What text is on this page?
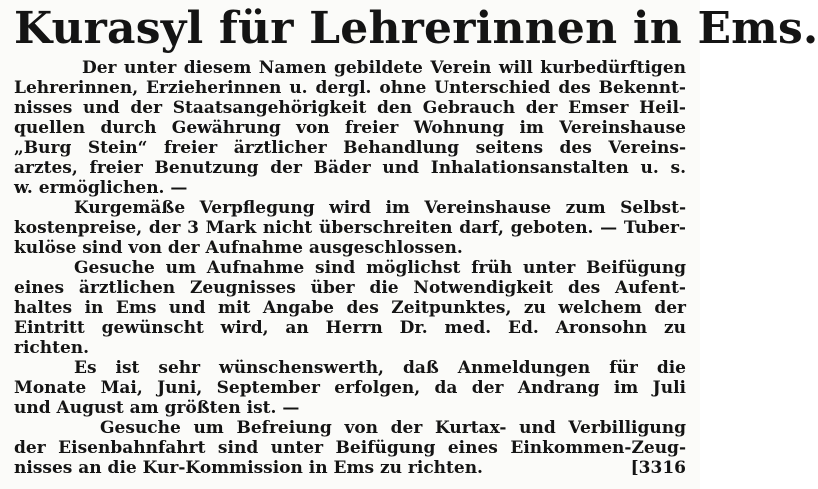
Kurasyl für Lehrerinnen in Ems.
Der unter diesem Namen gebildete Verein will kurbedürftigen
Lehrerinnen, Erzieherinnen u. dergl. ohne Unterschied des Bekennt-
nisses und der Staatsangehörigkeit den Gebrauch der Emser Heil-
quellen durch Gewährung von freier Wohnung im Vereinshause
„Burg Stein“ freier ärztlicher Behandlung seitens des Vereins-
arztes, freier Benutzung der Bäder und Inhalationsanstalten u. s.
w. ermöglichen. —
Kurgemäße Verpflegung wird im Vereinshause zum Selbst-
kostenpreise, der 3 Mark nicht überschreiten darf, geboten. — Tuber-
kulöse sind von der Aufnahme ausgeschlossen.
Gesuche um Aufnahme sind möglichst früh unter Beifügung
eines ärztlichen Zeugnisses über die Notwendigkeit des Aufent-
haltes in Ems und mit Angabe des Zeitpunktes, zu welchem der
Eintritt gewünscht wird, an Herrn Dr. med. Ed. Aronsohn zu
richten.
Es ist sehr wünschenswerth, daß Anmeldungen für die
Monate Mai, Juni, September erfolgen, da der Andrang im Juli
und August am größten ist. —
Gesuche um Befreiung von der Kurtax- und Verbilligung
der Eisenbahnfahrt sind unter Beifügung eines Einkommen-Zeug-
nisses an die Kur-Kommission in Ems zu richten.	[3316
